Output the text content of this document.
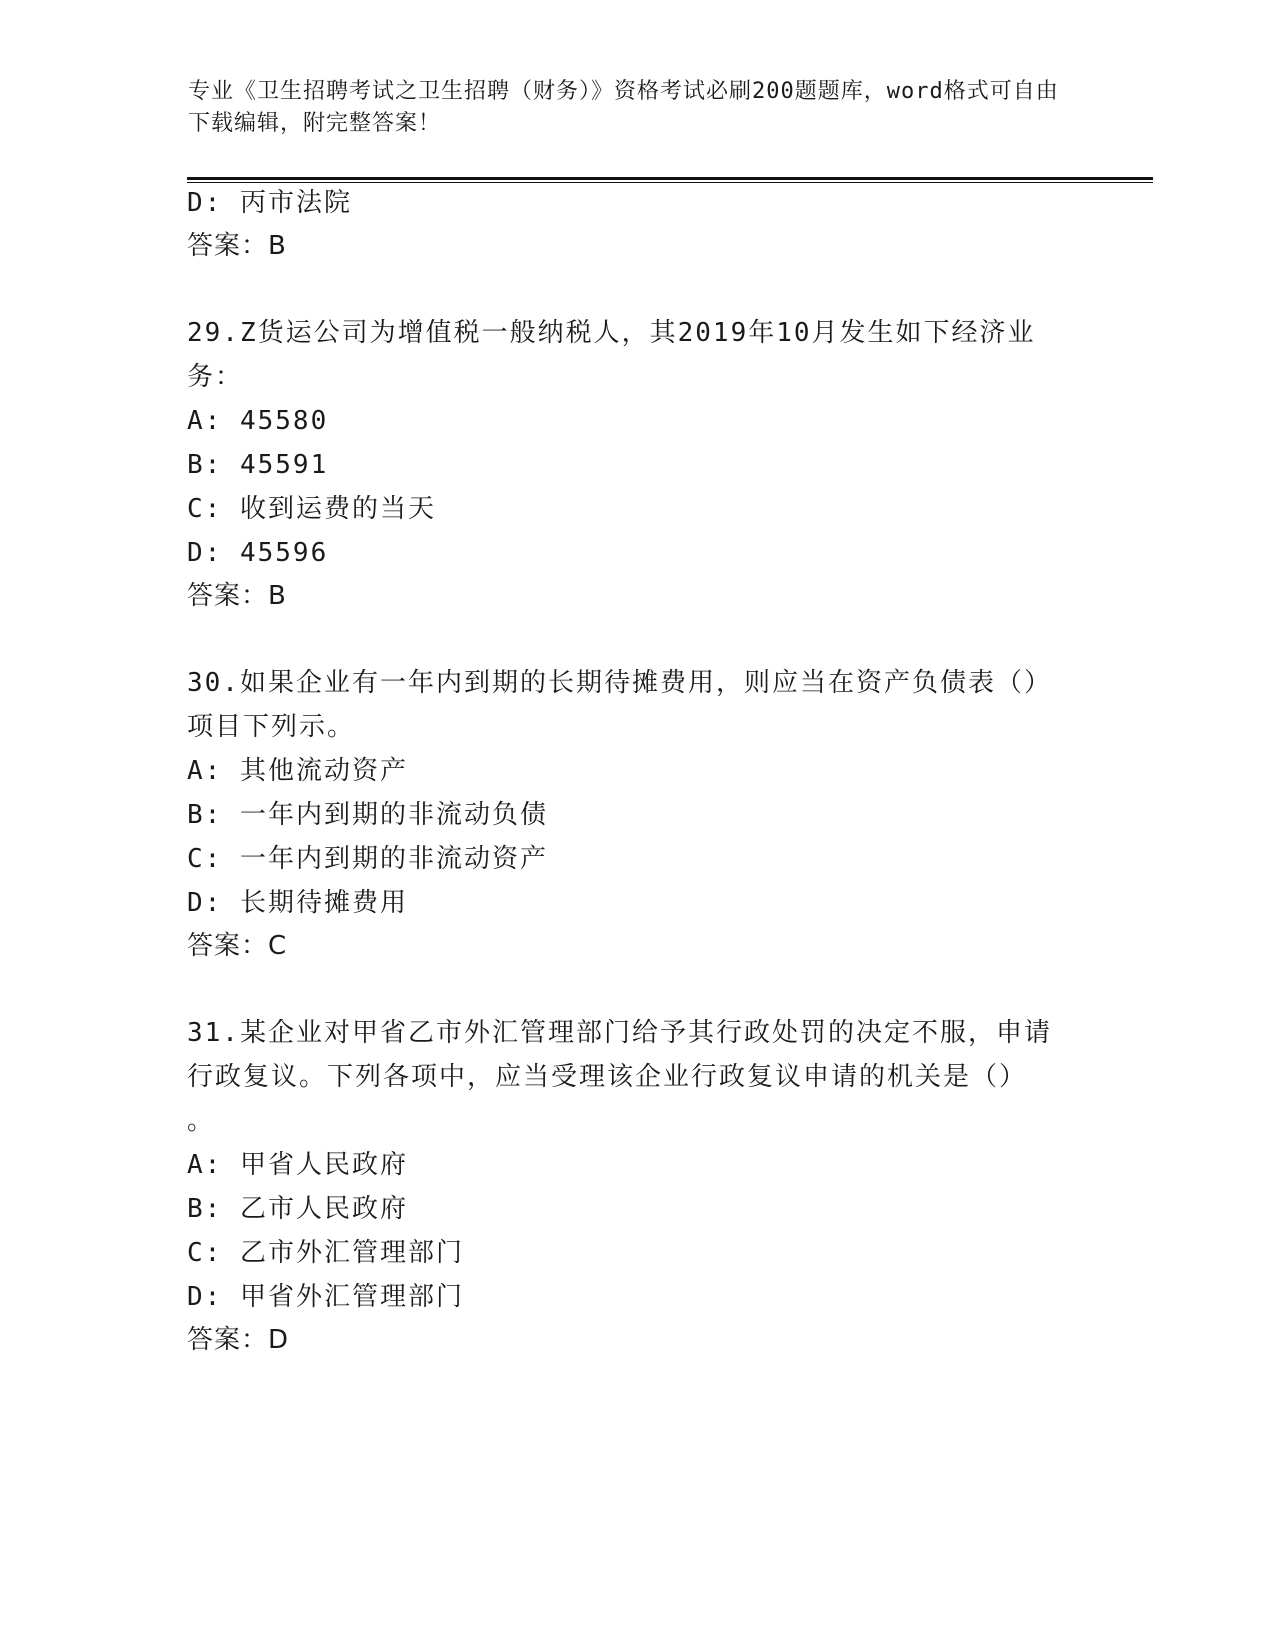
专业《卫生招聘考试之卫生招聘（财务）》资格考试必刷200题题库，word格式可自由下载编辑，附完整答案！
D: 丙市法院
答案：B
29.Z货运公司为增值税一般纳税人，其2019年10月发生如下经济业
务：
A: 45580
B: 45591
C: 收到运费的当天
D: 45596
答案：B
30.如果企业有一年内到期的长期待摊费用，则应当在资产负债表（）
项目下列示。
A: 其他流动资产
B: 一年内到期的非流动负债
C: 一年内到期的非流动资产
D: 长期待摊费用
答案：C
31.某企业对甲省乙市外汇管理部门给予其行政处罚的决定不服，申请
行政复议。下列各项中，应当受理该企业行政复议申请的机关是（）
。
A: 甲省人民政府
B: 乙市人民政府
C: 乙市外汇管理部门
D: 甲省外汇管理部门
答案：D
